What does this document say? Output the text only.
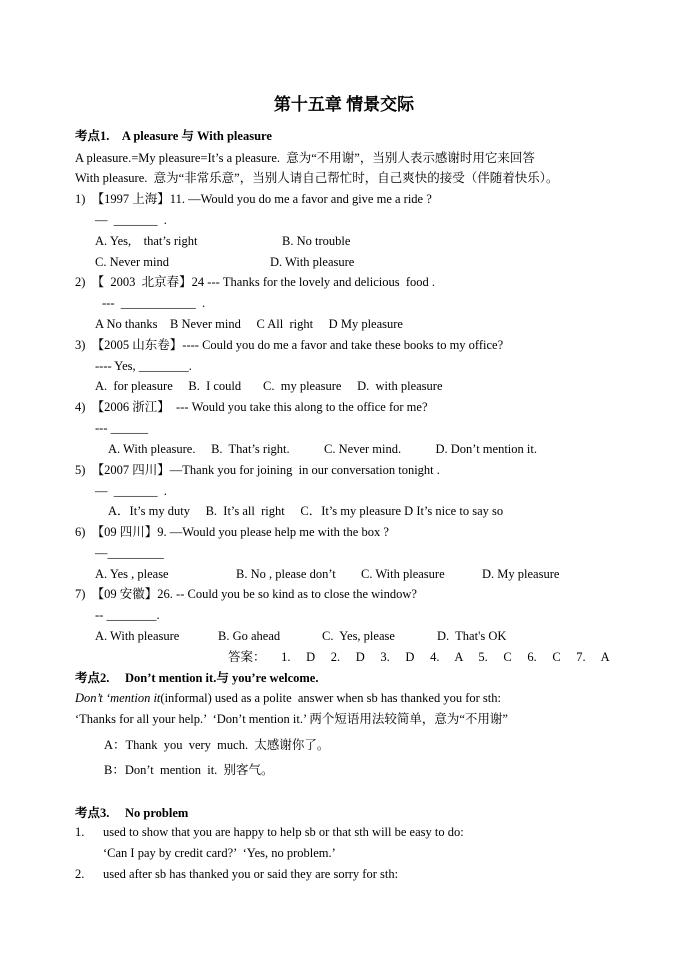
第十五章 情景交际
考点1.    A pleasure 与 With pleasure
A pleasure.=My pleasure=It’s a pleasure.  意为“不用谢”，当别人表示感谢时用它来回答
With pleasure.  意为“非常乐意”，当别人请自己帮忙时，自己爽快的接受（伴随着快乐）。
1)  【1997 上海】11. —Would you do me a favor and give me a ride ?
—  _______  .
A. Yes,    that’s right	B. No trouble
C. Never mind	D. With pleasure
2)  【  2003  北京春】24 --- Thanks for the lovely and delicious  food .
---  ____________  .
A No thanks    B Never mind     C All  right     D My pleasure
3)  【2005 山东卷】---- Could you do me a favor and take these books to my office?
---- Yes, ________.
A.  for pleasure     B.  I could       C.  my pleasure     D.  with pleasure
4)  【2006 浙江】  --- Would you take this along to the office for me?
--- ______
A. With pleasure.     B.  That’s right.           C. Never mind.           D. Don’t mention it.
5)  【2007 四川】—Thank you for joining  in our conversation tonight .
—  _______  .
A．It’s my duty     B.  It’s all  right     C．It’s my pleasure D It’s nice to say so
6)  【09 四川】9. —Would you please help me with the box ?
—_________
A. Yes , please	B. No , please don’t C. With pleasure	D. My pleasure
7)  【09 安徽】26. -- Could you be so kind as to close the window?
-- ________.
A. With pleasure	B. Go ahead	C.  Yes, please	D.  That's OK
答案：     1.     D     2.     D     3.     D     4.     A     5.     C     6.     C     7.     A
考点2.     Don’t mention it.与 you’re welcome.
Don’t ‘mention it(informal) used as a polite  answer when sb has thanked you for sth:
‘Thanks for all your help.’  ‘Don’t mention it.’ 两个短语用法较简单，意为“不用谢”
A：Thank  you  very  much.  太感谢你了。
B：Don’t  mention  it.  别客气。
考点3.     No problem
1. used to show that you are happy to help sb or that sth will be easy to do:
‘Can I pay by credit card?’  ‘Yes, no problem.’
2. used after sb has thanked you or said they are sorry for sth:
